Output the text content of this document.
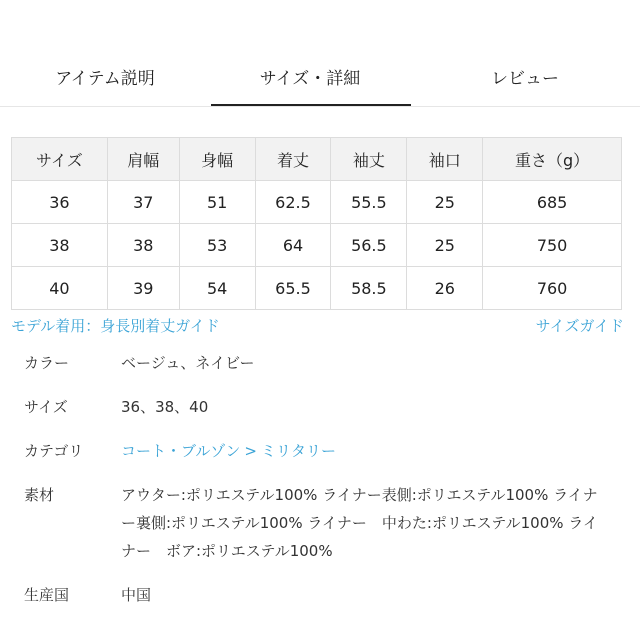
アイテム説明	サイズ・詳細	レビュー
サイズ	肩幅	身幅	着丈	袖丈	袖口	重さ（g）
36	37	51	62.5	55.5	25	685
38	38	53	64	56.5	25	750
40	39	54	65.5	58.5	26	760
モデル着用：身長別着丈ガイド	サイズガイド
カラー	ベージュ、ネイビー
サイズ	36、38、40
カテゴリ	コート・ブルゾン > ミリタリー
素材	アウター:ポリエステル100% ライナー表側:ポリエステル100% ライナ
ー裏側:ポリエステル100% ライナー　中わた:ポリエステル100% ライ
ナー　ボア:ポリエステル100%
生産国	中国
